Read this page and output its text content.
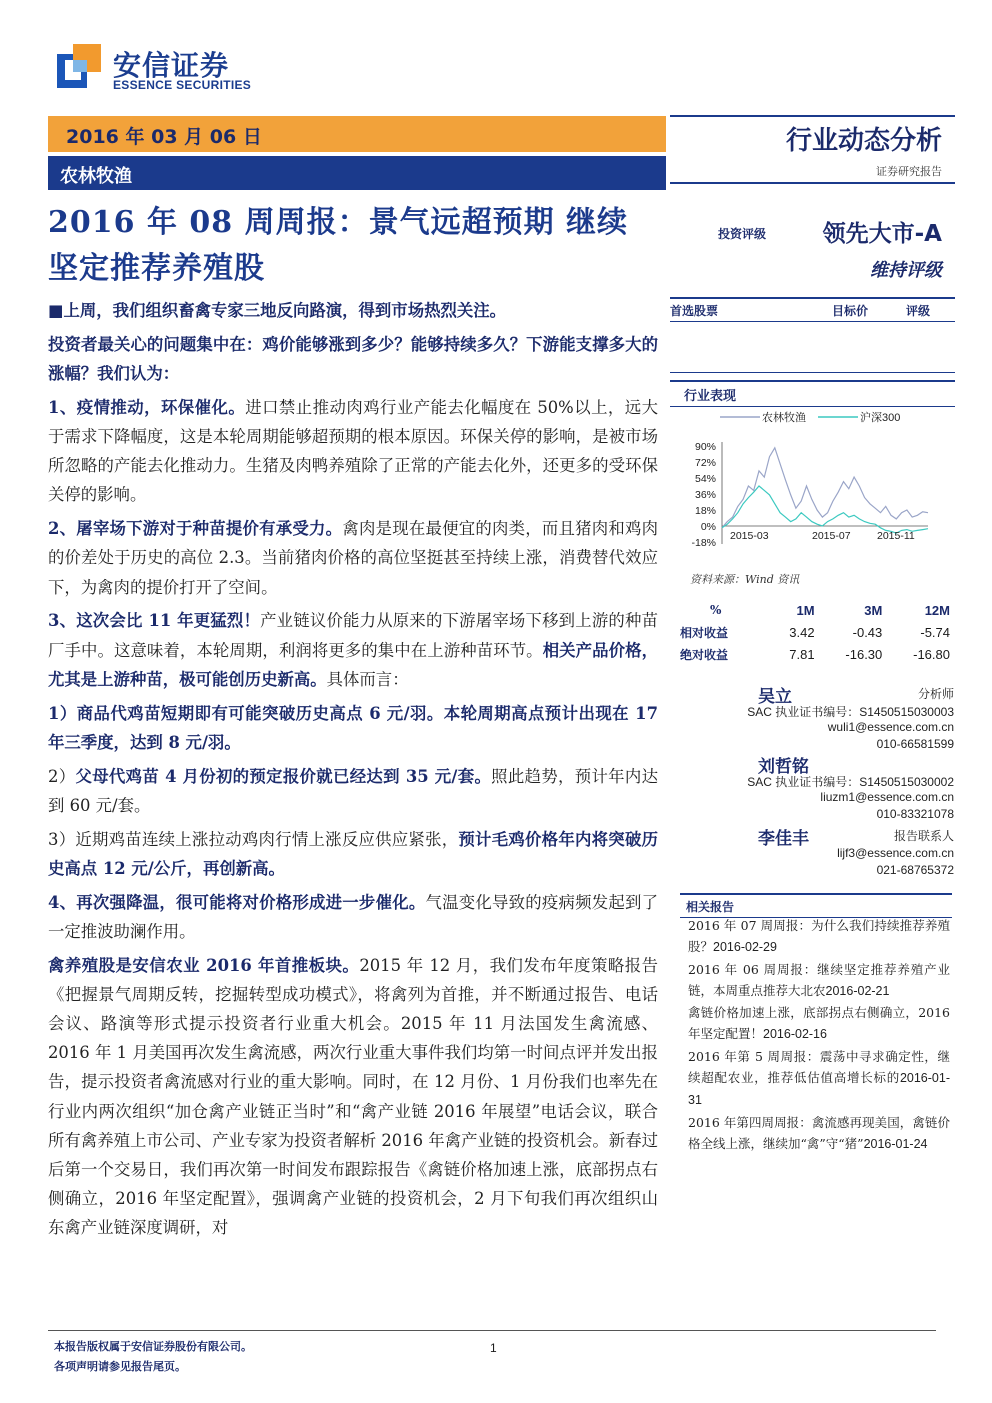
安信证券
ESSENCE SECURITIES
2016 年 03 月 06 日
农林牧渔
行业动态分析
证券研究报告
2016 年 08 周周报：景气远超预期 继续坚定推荐养殖股

■上周，我们组织畜禽专家三地反向路演，得到市场热烈关注。

投资者最关心的问题集中在：鸡价能够涨到多少？能够持续多久？下游能支撑多大的涨幅？我们认为：

1、疫情推动，环保催化。进口禁止推动肉鸡行业产能去化幅度在 50%以上，远大于需求下降幅度，这是本轮周期能够超预期的根本原因。环保关停的影响，是被市场所忽略的产能去化推动力。生猪及肉鸭养殖除了正常的产能去化外，还更多的受环保关停的影响。

2、屠宰场下游对于种苗提价有承受力。禽肉是现在最便宜的肉类，而且猪肉和鸡肉的价差处于历史的高位 2.3。当前猪肉价格的高位坚挺甚至持续上涨，消费替代效应下，为禽肉的提价打开了空间。

3、这次会比 11 年更猛烈！产业链议价能力从原来的下游屠宰场下移到上游的种苗厂手中。这意味着，本轮周期，利润将更多的集中在上游种苗环节。相关产品价格，尤其是上游种苗，极可能创历史新高。具体而言：

1）商品代鸡苗短期即有可能突破历史高点 6 元/羽。本轮周期高点预计出现在 17 年三季度，达到 8 元/羽。

2）父母代鸡苗 4 月份初的预定报价就已经达到 35 元/套。照此趋势，预计年内达到 60 元/套。

3）近期鸡苗连续上涨拉动鸡肉行情上涨反应供应紧张，预计毛鸡价格年内将突破历史高点 12 元/公斤，再创新高。

4、再次强降温，很可能将对价格形成进一步催化。气温变化导致的疫病频发起到了一定推波助澜作用。

禽养殖股是安信农业 2016 年首推板块。2015 年 12 月，我们发布年度策略报告《把握景气周期反转，挖掘转型成功模式》，将禽列为首推，并不断通过报告、电话会议、路演等形式提示投资者行业重大机会。2015 年 11 月法国发生禽流感、2016 年 1 月美国再次发生禽流感，两次行业重大事件我们均第一时间点评并发出报告，提示投资者禽流感对行业的重大影响。同时，在 12 月份、1 月份我们也率先在行业内两次组织“加仓禽产业链正当时”和“禽产业链 2016 年展望”电话会议，联合所有禽养殖上市公司、产业专家为投资者解析 2016 年禽产业链的投资机会。新春过后第一个交易日，我们再次第一时间发布跟踪报告《禽链价格加速上涨，底部拐点右侧确立，2016 年坚定配置》，强调禽产业链的投资机会，2 月下旬我们再次组织山东禽产业链深度调研，对

投资评级	领先大市-A
维持评级
首选股票	目标价	评级
行业表现
农林牧渔	沪深300
90%
72%
54%
36%
18%
0%
-18%
2015-03	2015-07	2015-11
资料来源：Wind 资讯
%	1M	3M	12M
相对收益	3.42	-0.43	-5.74
绝对收益	7.81	-16.30	-16.80
吴立	分析师
SAC 执业证书编号：S1450515030003
wuli1@essence.com.cn
010-66581599
刘哲铭
SAC 执业证书编号：S1450515030002
liuzm1@essence.com.cn
010-83321078
李佳丰	报告联系人
lijf3@essence.com.cn
021-68765372
相关报告
2016 年 07 周周报：为什么我们持续推荐养殖股？2016-02-29
2016 年 06 周周报：继续坚定推荐养殖产业链，本周重点推荐大北农2016-02-21
禽链价格加速上涨，底部拐点右侧确立，2016 年坚定配置！2016-02-16
2016 年第 5 周周报：震荡中寻求确定性，继续超配农业，推荐低估值高增长标的2016-01-31
2016 年第四周周报：禽流感再现美国，禽链价格全线上涨，继续加“禽”守“猪”2016-01-24
本报告版权属于安信证券股份有限公司。
各项声明请参见报告尾页。
1
